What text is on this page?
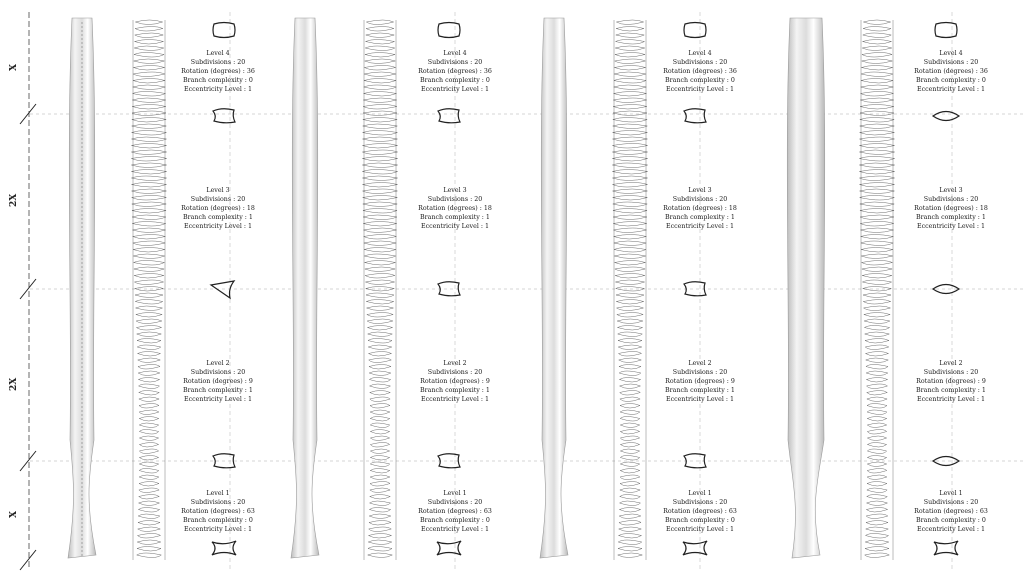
X
2X
2X
X
Level 4
Subdivisions : 20
Rotation (degrees) : 36
Branch complexity : 0
Eccentricity Level : 1
Level 3
Subdivisions : 20
Rotation (degrees) : 18
Branch complexity : 1
Eccentricity Level : 1
Level 2
Subdivisions : 20
Rotation (degrees) : 9
Branch complexity : 1
Eccentricity Level : 1
Level 1
Subdivisions : 20
Rotation (degrees) : 63
Branch complexity : 0
Eccentricity Level : 1
Level 4
Subdivisions : 20
Rotation (degrees) : 36
Branch complexity : 0
Eccentricity Level : 1
Level 3
Subdivisions : 20
Rotation (degrees) : 18
Branch complexity : 1
Eccentricity Level : 1
Level 2
Subdivisions : 20
Rotation (degrees) : 9
Branch complexity : 1
Eccentricity Level : 1
Level 1
Subdivisions : 20
Rotation (degrees) : 63
Branch complexity : 0
Eccentricity Level : 1
Level 4
Subdivisions : 20
Rotation (degrees) : 36
Branch complexity : 0
Eccentricity Level : 1
Level 3
Subdivisions : 20
Rotation (degrees) : 18
Branch complexity : 1
Eccentricity Level : 1
Level 2
Subdivisions : 20
Rotation (degrees) : 9
Branch complexity : 1
Eccentricity Level : 1
Level 1
Subdivisions : 20
Rotation (degrees) : 63
Branch complexity : 0
Eccentricity Level : 1
Level 4
Subdivisions : 20
Rotation (degrees) : 36
Branch complexity : 0
Eccentricity Level : 1
Level 3
Subdivisions : 20
Rotation (degrees) : 18
Branch complexity : 1
Eccentricity Level : 1
Level 2
Subdivisions : 20
Rotation (degrees) : 9
Branch complexity : 1
Eccentricity Level : 1
Level 1
Subdivisions : 20
Rotation (degrees) : 63
Branch complexity : 0
Eccentricity Level : 1
